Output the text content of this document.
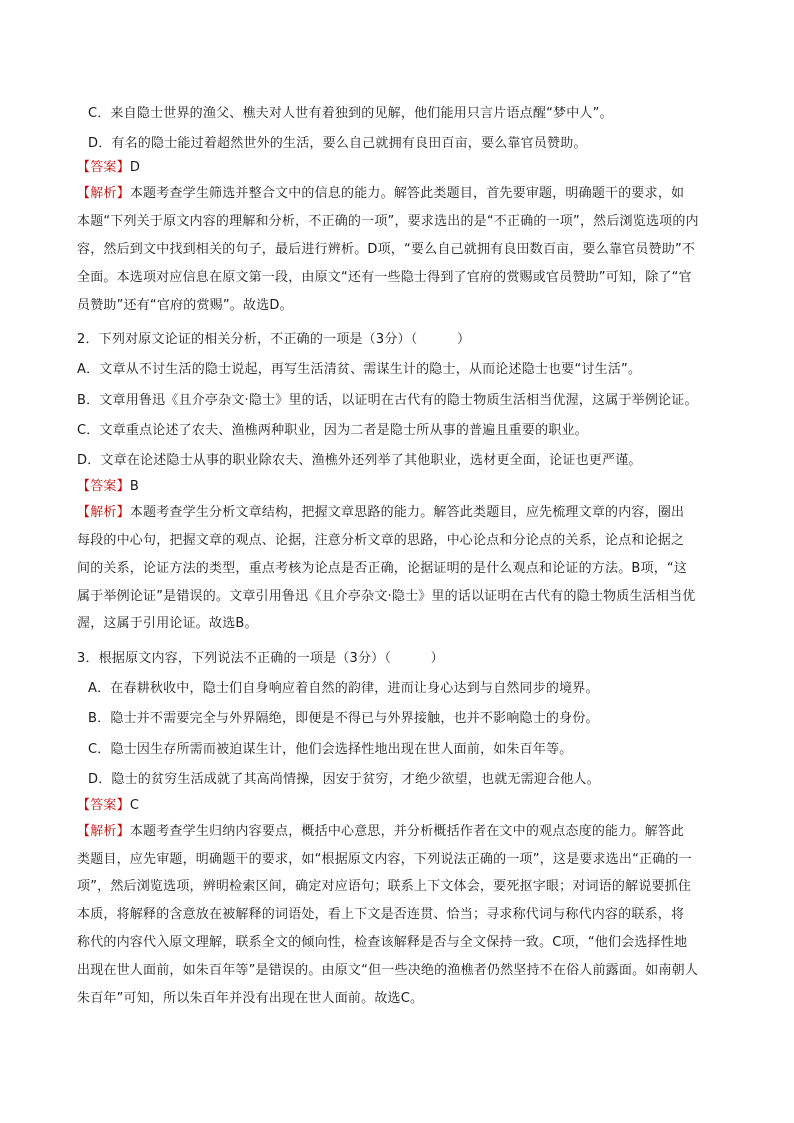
C．来自隐士世界的渔父、樵夫对人世有着独到的见解，他们能用只言片语点醒“梦中人”。
D．有名的隐士能过着超然世外的生活，要么自己就拥有良田百亩，要么靠官员赞助。
【答案】D
【解析】本题考查学生筛选并整合文中的信息的能力。解答此类题目，首先要审题，明确题干的要求，如
本题“下列关于原文内容的理解和分析，不正确的一项”，要求选出的是“不正确的一项”，然后浏览选项的内
容，然后到文中找到相关的句子，最后进行辨析。D项，“要么自己就拥有良田数百亩，要么靠官员赞助”不
全面。本选项对应信息在原文第一段，由原文“还有一些隐士得到了官府的赏赐或官员赞助”可知，除了“官
员赞助”还有“官府的赏赐”。故选D。
2．下列对原文论证的相关分析，不正确的一项是（3分）（　　　）
A．文章从不讨生活的隐士说起，再写生活清贫、需谋生计的隐士，从而论述隐士也要“讨生活”。
B．文章用鲁迅《且介亭杂文·隐士》里的话，以证明在古代有的隐士物质生活相当优渥，这属于举例论证。
C．文章重点论述了农夫、渔樵两种职业，因为二者是隐士所从事的普遍且重要的职业。
D．文章在论述隐士从事的职业除农夫、渔樵外还列举了其他职业，选材更全面，论证也更严谨。
【答案】B
【解析】本题考查学生分析文章结构，把握文章思路的能力。解答此类题目，应先梳理文章的内容，圈出
每段的中心句，把握文章的观点、论据，注意分析文章的思路，中心论点和分论点的关系，论点和论据之
间的关系，论证方法的类型，重点考核为论点是否正确，论据证明的是什么观点和论证的方法。B项，“这
属于举例论证”是错误的。文章引用鲁迅《且介亭杂文·隐士》里的话以证明在古代有的隐士物质生活相当优
渥，这属于引用论证。故选B。
3．根据原文内容，下列说法不正确的一项是（3分）（　　　）
A．在春耕秋收中，隐士们自身响应着自然的韵律，进而让身心达到与自然同步的境界。
B．隐士并不需要完全与外界隔绝，即便是不得已与外界接触，也并不影响隐士的身份。
C．隐士因生存所需而被迫谋生计，他们会选择性地出现在世人面前，如朱百年等。
D．隐士的贫穷生活成就了其高尚情操，因安于贫穷，才绝少欲望，也就无需迎合他人。
【答案】C
【解析】本题考查学生归纳内容要点，概括中心意思，并分析概括作者在文中的观点态度的能力。解答此
类题目，应先审题，明确题干的要求，如“根据原文内容，下列说法正确的一项”，这是要求选出“正确的一
项”，然后浏览选项，辨明检索区间，确定对应语句；联系上下文体会，要死抠字眼；对词语的解说要抓住
本质，将解释的含意放在被解释的词语处，看上下文是否连贯、恰当；寻求称代词与称代内容的联系，将
称代的内容代入原文理解，联系全文的倾向性，检查该解释是否与全文保持一致。C项，“他们会选择性地
出现在世人面前，如朱百年等”是错误的。由原文“但一些决绝的渔樵者仍然坚持不在俗人前露面。如南朝人
朱百年”可知，所以朱百年并没有出现在世人面前。故选C。
